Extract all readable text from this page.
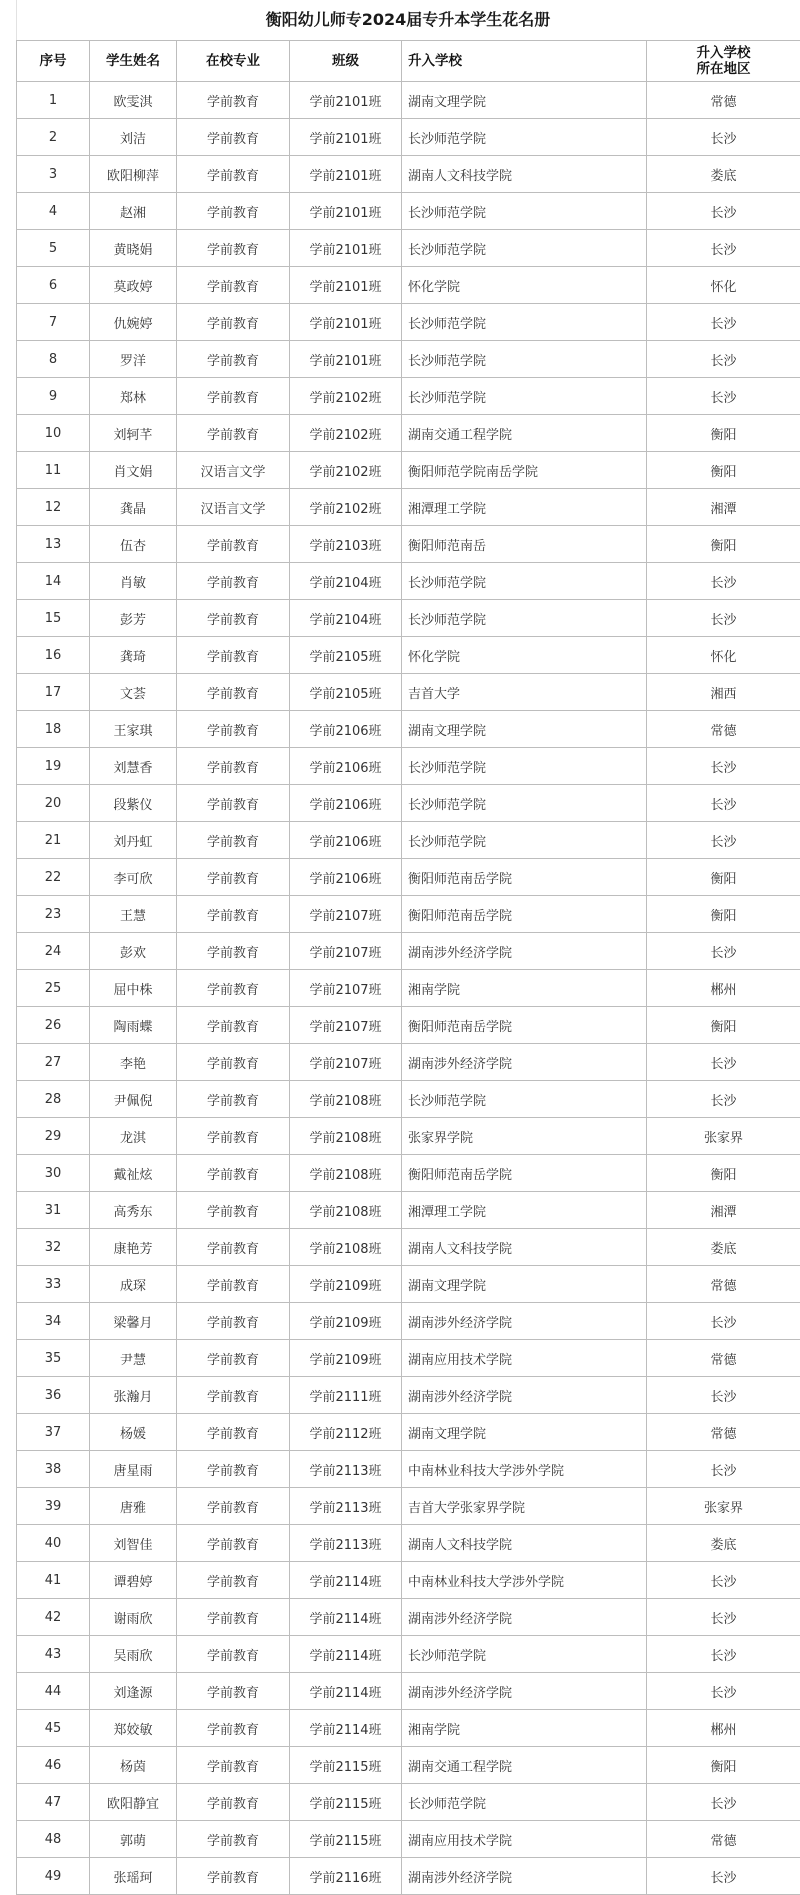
衡阳幼儿师专2024届专升本学生花名册
序号	学生姓名	在校专业	班级	升入学校	升入学校
所在地区

1	欧雯淇	学前教育	学前2101班	湖南文理学院	常德
2	刘洁	学前教育	学前2101班	长沙师范学院	长沙
3	欧阳柳萍	学前教育	学前2101班	湖南人文科技学院	娄底
4	赵湘	学前教育	学前2101班	长沙师范学院	长沙
5	黄晓娟	学前教育	学前2101班	长沙师范学院	长沙
6	莫政婷	学前教育	学前2101班	怀化学院	怀化
7	仇婉婷	学前教育	学前2101班	长沙师范学院	长沙
8	罗洋	学前教育	学前2101班	长沙师范学院	长沙
9	郑林	学前教育	学前2102班	长沙师范学院	长沙
10	刘轲芊	学前教育	学前2102班	湖南交通工程学院	衡阳
11	肖文娟	汉语言文学	学前2102班	衡阳师范学院南岳学院	衡阳
12	龚晶	汉语言文学	学前2102班	湘潭理工学院	湘潭
13	伍杏	学前教育	学前2103班	衡阳师范南岳	衡阳
14	肖敏	学前教育	学前2104班	长沙师范学院	长沙
15	彭芳	学前教育	学前2104班	长沙师范学院	长沙
16	龚琦	学前教育	学前2105班	怀化学院	怀化
17	文荟	学前教育	学前2105班	吉首大学	湘西
18	王家琪	学前教育	学前2106班	湖南文理学院	常德
19	刘慧香	学前教育	学前2106班	长沙师范学院	长沙
20	段紫仪	学前教育	学前2106班	长沙师范学院	长沙
21	刘丹虹	学前教育	学前2106班	长沙师范学院	长沙
22	李可欣	学前教育	学前2106班	衡阳师范南岳学院	衡阳
23	王慧	学前教育	学前2107班	衡阳师范南岳学院	衡阳
24	彭欢	学前教育	学前2107班	湖南涉外经济学院	长沙
25	屈中株	学前教育	学前2107班	湘南学院	郴州
26	陶雨蝶	学前教育	学前2107班	衡阳师范南岳学院	衡阳
27	李艳	学前教育	学前2107班	湖南涉外经济学院	长沙
28	尹佩倪	学前教育	学前2108班	长沙师范学院	长沙
29	龙淇	学前教育	学前2108班	张家界学院	张家界
30	戴祉炫	学前教育	学前2108班	衡阳师范南岳学院	衡阳
31	高秀东	学前教育	学前2108班	湘潭理工学院	湘潭
32	康艳芳	学前教育	学前2108班	湖南人文科技学院	娄底
33	成琛	学前教育	学前2109班	湖南文理学院	常德
34	梁馨月	学前教育	学前2109班	湖南涉外经济学院	长沙
35	尹慧	学前教育	学前2109班	湖南应用技术学院	常德
36	张瀚月	学前教育	学前2111班	湖南涉外经济学院	长沙
37	杨媛	学前教育	学前2112班	湖南文理学院	常德
38	唐星雨	学前教育	学前2113班	中南林业科技大学涉外学院	长沙
39	唐雅	学前教育	学前2113班	吉首大学张家界学院	张家界
40	刘智佳	学前教育	学前2113班	湖南人文科技学院	娄底
41	谭碧婷	学前教育	学前2114班	中南林业科技大学涉外学院	长沙
42	谢雨欣	学前教育	学前2114班	湖南涉外经济学院	长沙
43	吴雨欣	学前教育	学前2114班	长沙师范学院	长沙
44	刘逢源	学前教育	学前2114班	湖南涉外经济学院	长沙
45	郑姣敏	学前教育	学前2114班	湘南学院	郴州
46	杨茵	学前教育	学前2115班	湖南交通工程学院	衡阳
47	欧阳静宜	学前教育	学前2115班	长沙师范学院	长沙
48	郭萌	学前教育	学前2115班	湖南应用技术学院	常德
49	张瑶珂	学前教育	学前2116班	湖南涉外经济学院	长沙
